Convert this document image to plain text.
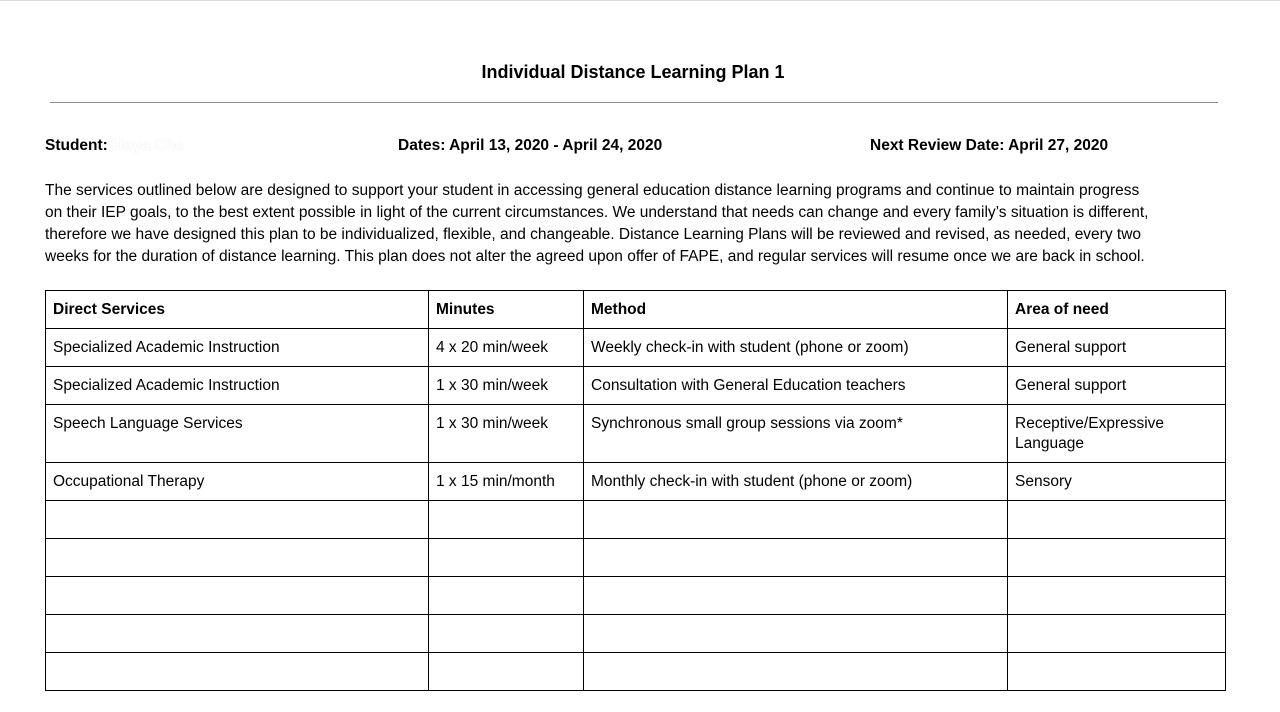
Individual Distance Learning Plan 1
Student: Hoya Cho	Dates: April 13, 2020 - April 24, 2020	Next Review Date: April 27, 2020

The services outlined below are designed to support your student in accessing general education distance learning programs and continue to maintain progress
on their IEP goals, to the best extent possible in light of the current circumstances. We understand that needs can change and every family’s situation is different,
therefore we have designed this plan to be individualized, flexible, and changeable. Distance Learning Plans will be reviewed and revised, as needed, every two
weeks for the duration of distance learning. This plan does not alter the agreed upon offer of FAPE, and regular services will resume once we are back in school.

Direct Services	Minutes	Method	Area of need
Specialized Academic Instruction	4 x 20 min/week	Weekly check-in with student (phone or zoom)	General support
Specialized Academic Instruction	1 x 30 min/week	Consultation with General Education teachers	General support
Speech Language Services	1 x 30 min/week	Synchronous small group sessions via zoom*	Receptive/Expressive Language
Occupational Therapy	1 x 15 min/month	Monthly check-in with student (phone or zoom)	Sensory
